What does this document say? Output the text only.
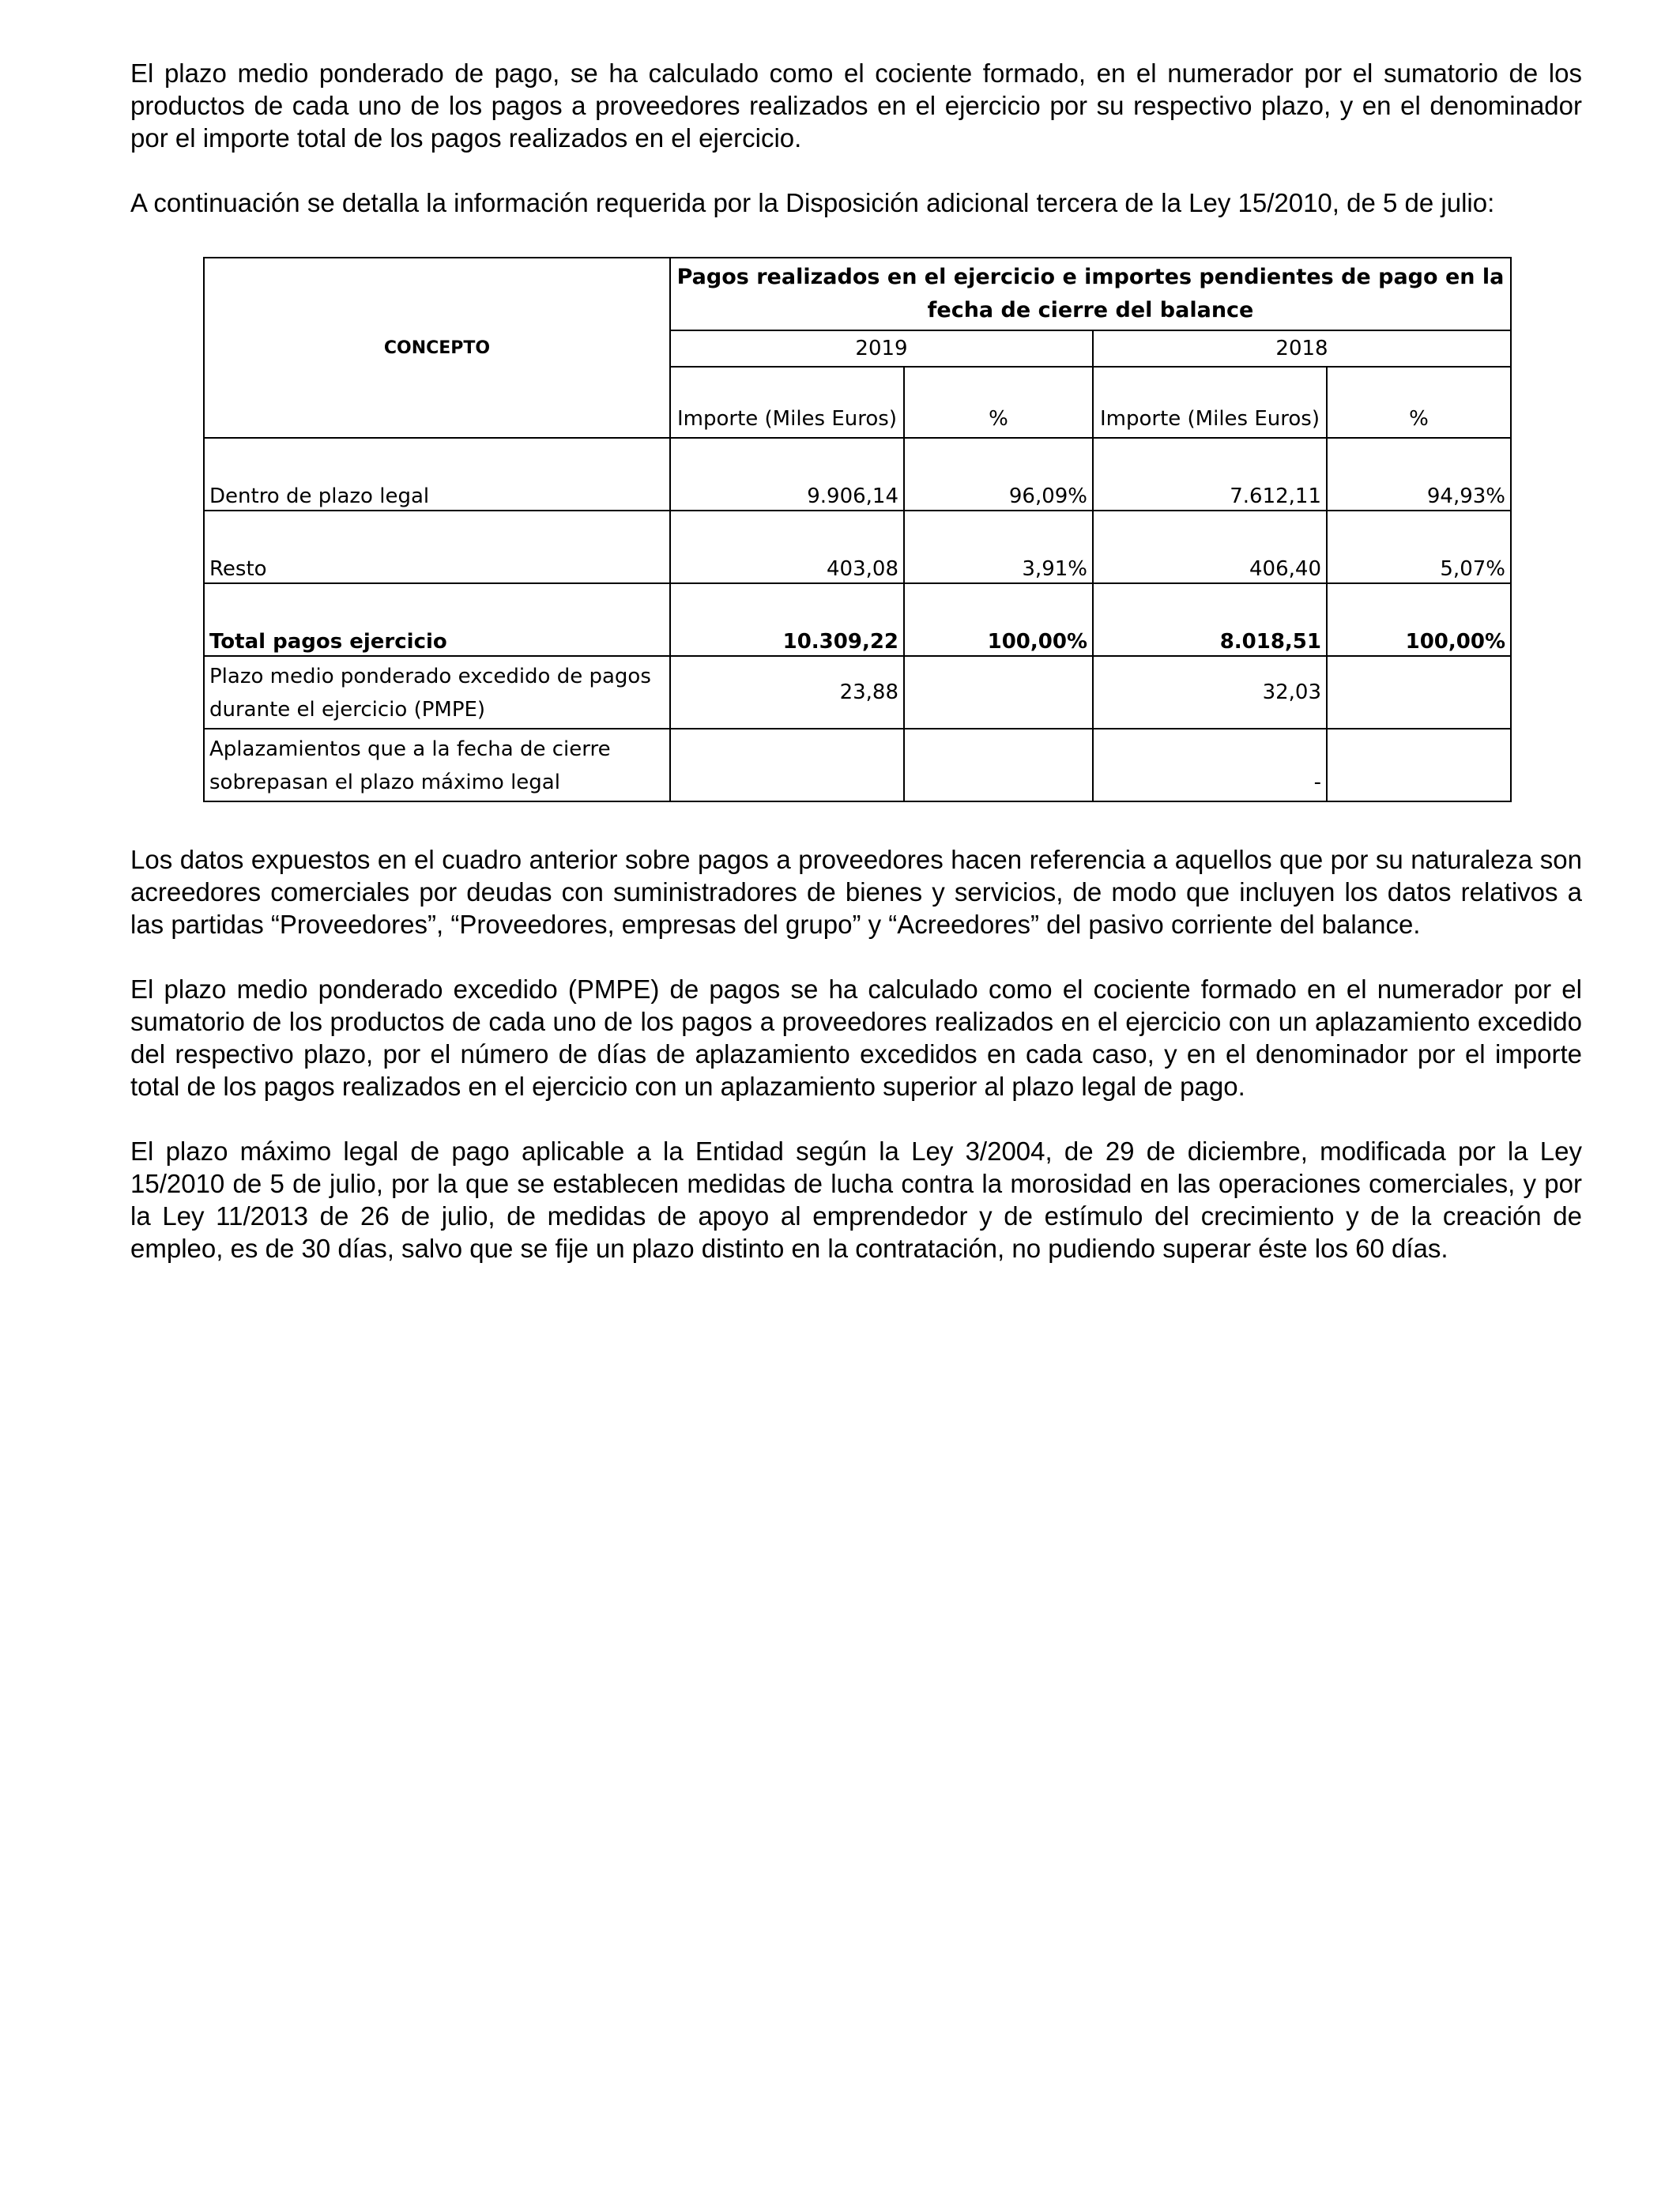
El plazo medio ponderado de pago, se ha calculado como el cociente formado, en el numerador por el sumatorio de los productos de cada uno de los pagos a proveedores realizados en el ejercicio por su respectivo plazo, y en el denominador por el importe total de los pagos realizados en el ejercicio.

A continuación se detalla la información requerida por la Disposición adicional tercera de la Ley 15/2010, de 5 de julio:

CONCEPTO	Pagos realizados en el ejercicio e importes pendientes de pago en la fecha de cierre del balance			
	2019		2018	
	Importe (Miles Euros)	%	Importe (Miles Euros)	%
Dentro de plazo legal	9.906,14	96,09%	7.612,11	94,93%
Resto	403,08	3,91%	406,40	5,07%
Total pagos ejercicio	10.309,22	100,00%	8.018,51	100,00%
Plazo medio ponderado excedido de pagos durante el ejercicio (PMPE)	23,88		32,03	
Aplazamientos que a la fecha de cierre sobrepasan el plazo máximo legal			-	

Los datos expuestos en el cuadro anterior sobre pagos a proveedores hacen referencia a aquellos que por su naturaleza son acreedores comerciales por deudas con suministradores de bienes y servicios, de modo que incluyen los datos relativos a las partidas “Proveedores”, “Proveedores, empresas del grupo” y “Acreedores” del pasivo corriente del balance.

El plazo medio ponderado excedido (PMPE) de pagos se ha calculado como el cociente formado en el numerador por el sumatorio de los productos de cada uno de los pagos a proveedores realizados en el ejercicio con un aplazamiento excedido del respectivo plazo, por el número de días de aplazamiento excedidos en cada caso, y en el denominador por el importe total de los pagos realizados en el ejercicio con un aplazamiento superior al plazo legal de pago.

El plazo máximo legal de pago aplicable a la Entidad según la Ley 3/2004, de 29 de diciembre, modificada por la Ley 15/2010 de 5 de julio, por la que se establecen medidas de lucha contra la morosidad en las operaciones comerciales, y por la Ley 11/2013 de 26 de julio, de medidas de apoyo al emprendedor y de estímulo del crecimiento y de la creación de empleo, es de 30 días, salvo que se fije un plazo distinto en la contratación, no pudiendo superar éste los 60 días.
